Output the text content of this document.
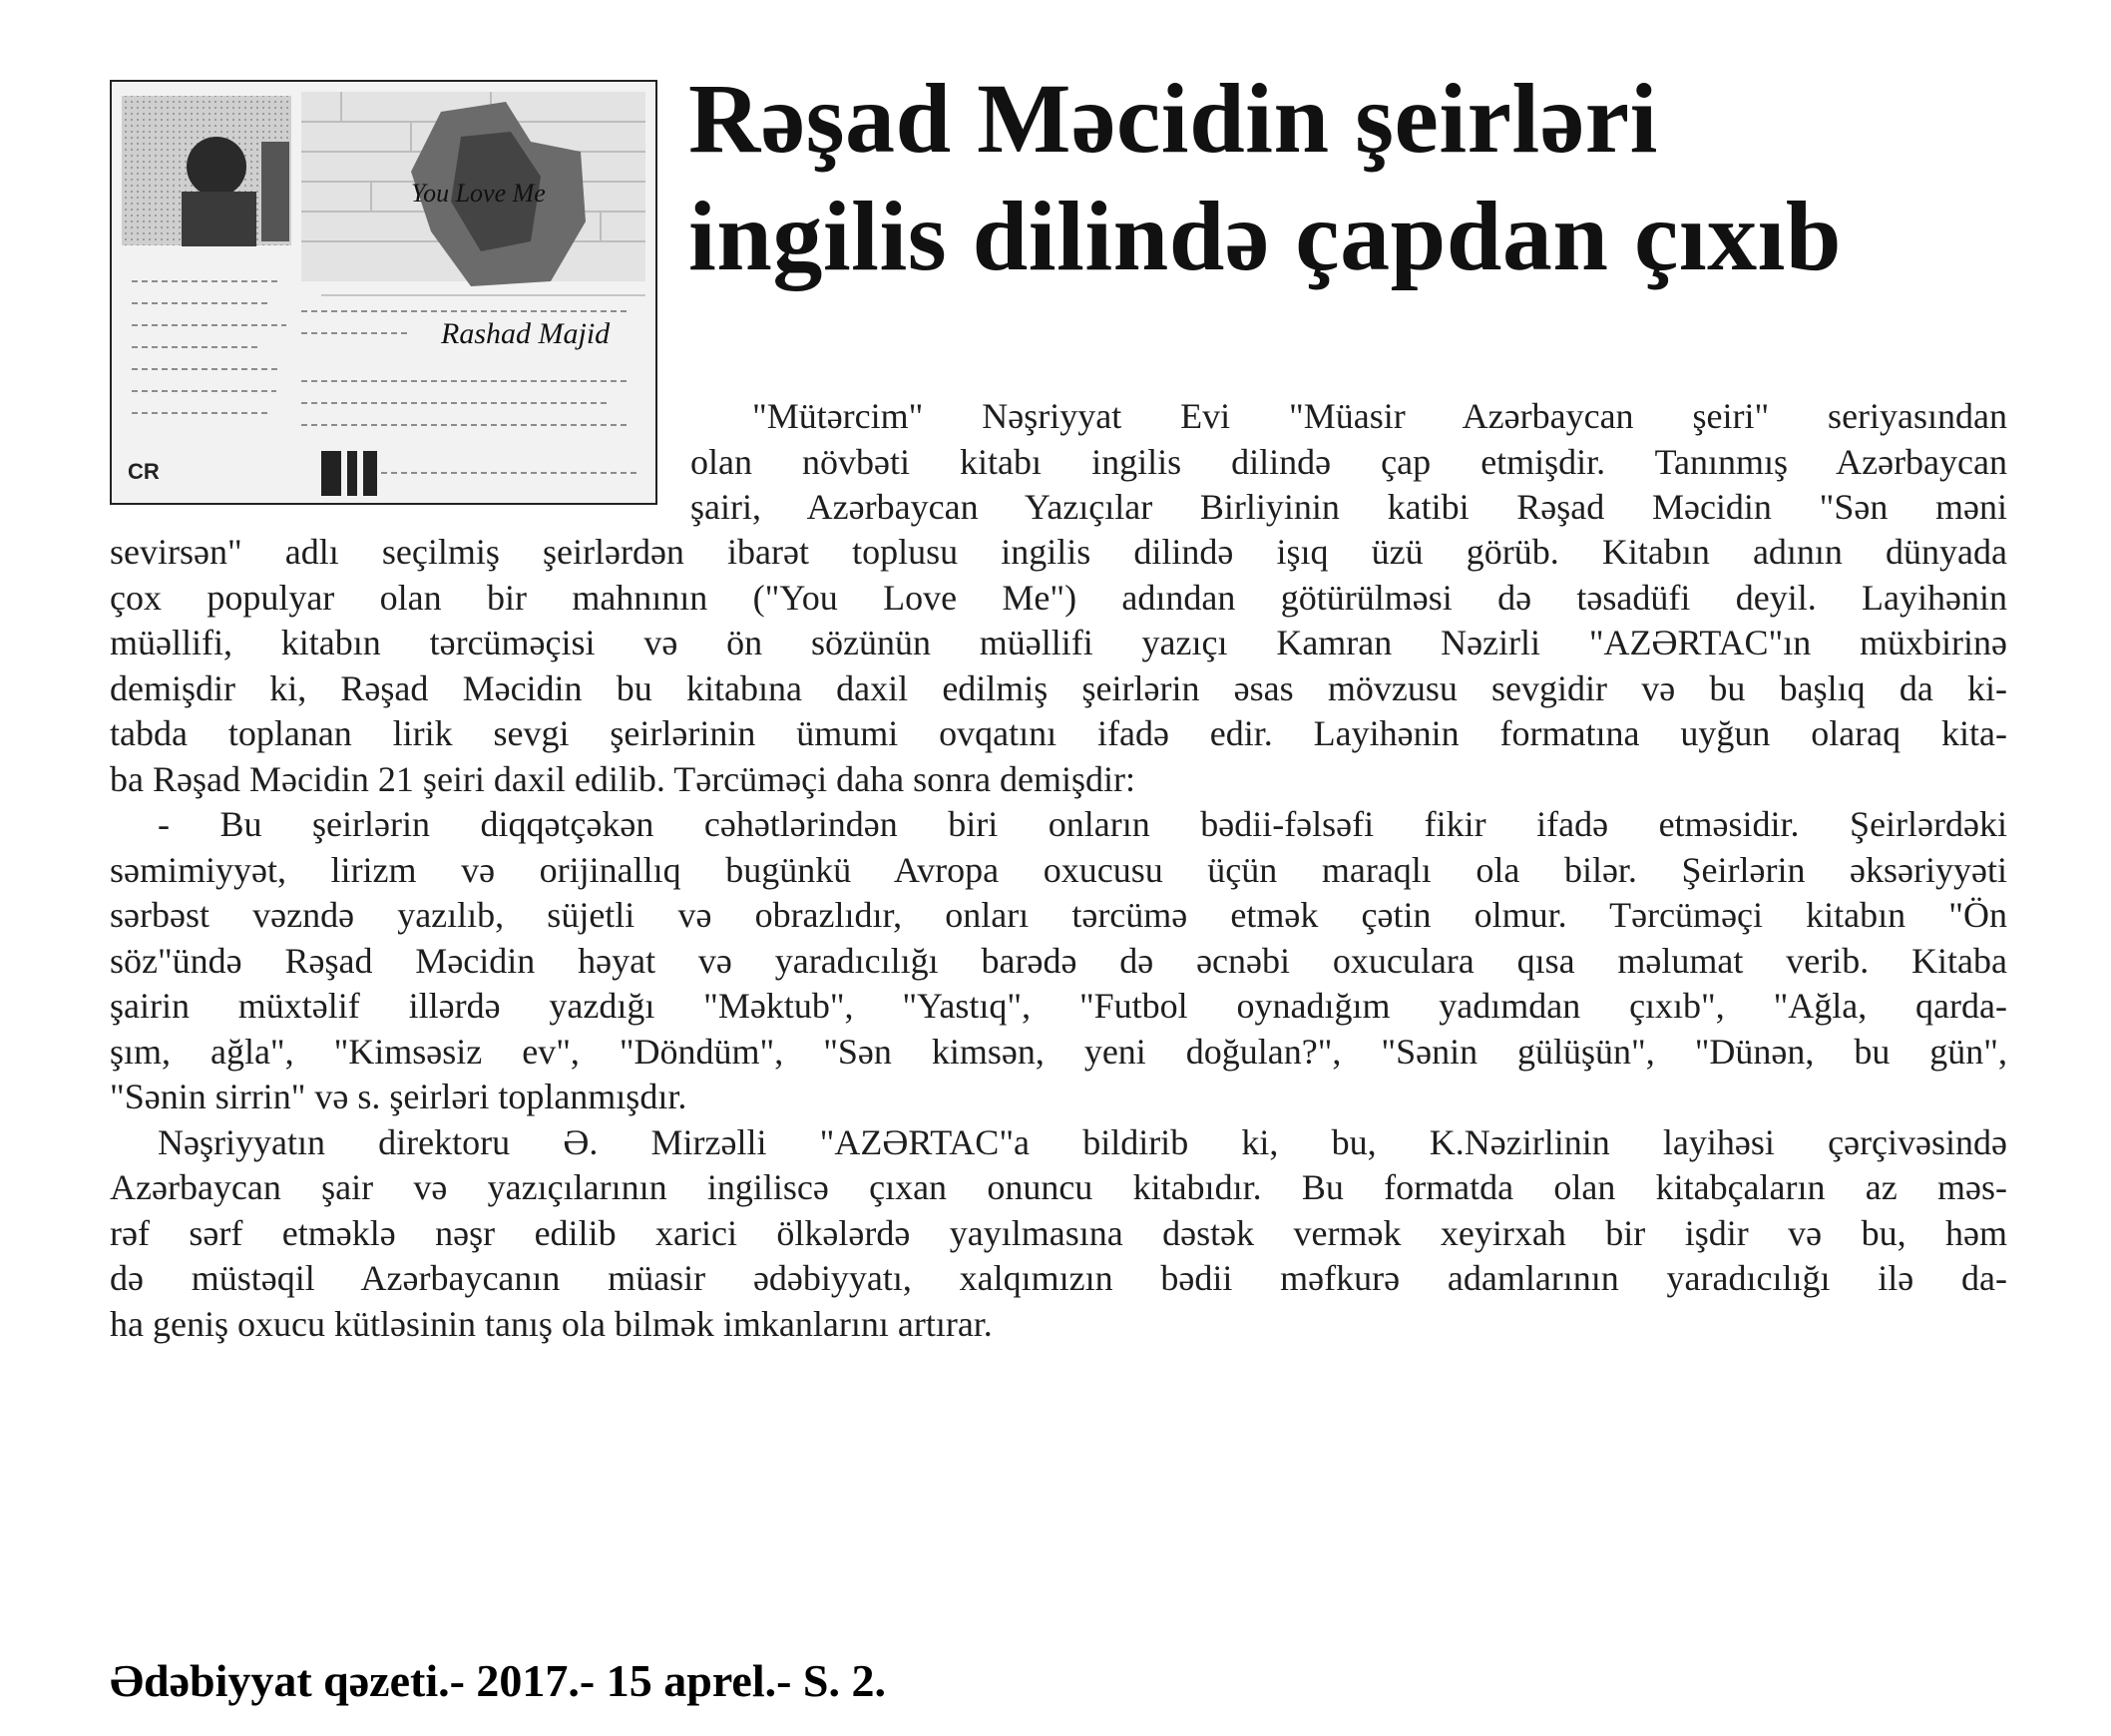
You Love Me
Rashad Majid
CR
Rəşad Məcidin şeirləri
ingilis dilində çapdan çıxıb
"Mütərcim" Nəşriyyat Evi "Müasir Azərbaycan şeiri" seriyasından
olan növbəti kitabı ingilis dilində çap etmişdir. Tanınmış Azərbaycan
şairi, Azərbaycan Yazıçılar Birliyinin katibi Rəşad Məcidin "Sən məni
sevirsən" adlı seçilmiş şeirlərdən ibarət toplusu ingilis dilində işıq üzü görüb. Kitabın adının dünyada
çox populyar olan bir mahnının ("You Love Me") adından götürülməsi də təsadüfi deyil. Layihənin
müəllifi, kitabın tərcüməçisi və ön sözünün müəllifi yazıçı Kamran Nəzirli "AZƏRTAC"ın müxbirinə
demişdir ki, Rəşad Məcidin bu kitabına daxil edilmiş şeirlərin əsas mövzusu sevgidir və bu başlıq da ki-
tabda toplanan lirik sevgi şeirlərinin ümumi ovqatını ifadə edir. Layihənin formatına uyğun olaraq kita-
ba Rəşad Məcidin 21 şeiri daxil edilib. Tərcüməçi daha sonra demişdir:
- Bu şeirlərin diqqətçəkən cəhətlərindən biri onların bədii-fəlsəfi fikir ifadə etməsidir. Şeirlərdəki
səmimiyyət, lirizm və orijinallıq bugünkü Avropa oxucusu üçün maraqlı ola bilər. Şeirlərin əksəriyyəti
sərbəst vəzndə yazılıb, süjetli və obrazlıdır, onları tərcümə etmək çətin olmur. Tərcüməçi kitabın "Ön
söz"ündə Rəşad Məcidin həyat və yaradıcılığı barədə də əcnəbi oxuculara qısa məlumat verib. Kitaba
şairin müxtəlif illərdə yazdığı "Məktub", "Yastıq", "Futbol oynadığım yadımdan çıxıb", "Ağla, qarda-
şım, ağla", "Kimsəsiz ev", "Döndüm", "Sən kimsən, yeni doğulan?", "Sənin gülüşün", "Dünən, bu gün",
"Sənin sirrin" və s. şeirləri toplanmışdır.
Nəşriyyatın direktoru Ə. Mirzəlli "AZƏRTAC"a bildirib ki, bu, K.Nəzirlinin layihəsi çərçivəsində
Azərbaycan şair və yazıçılarının ingiliscə çıxan onuncu kitabıdır. Bu formatda olan kitabçaların az məs-
rəf sərf etməklə nəşr edilib xarici ölkələrdə yayılmasına dəstək vermək xeyirxah bir işdir və bu, həm
də müstəqil Azərbaycanın müasir ədəbiyyatı, xalqımızın bədii məfkurə adamlarının yaradıcılığı ilə da-
ha geniş oxucu kütləsinin tanış ola bilmək imkanlarını artırar.
Ədəbiyyat qəzeti.- 2017.- 15 aprel.- S. 2.
